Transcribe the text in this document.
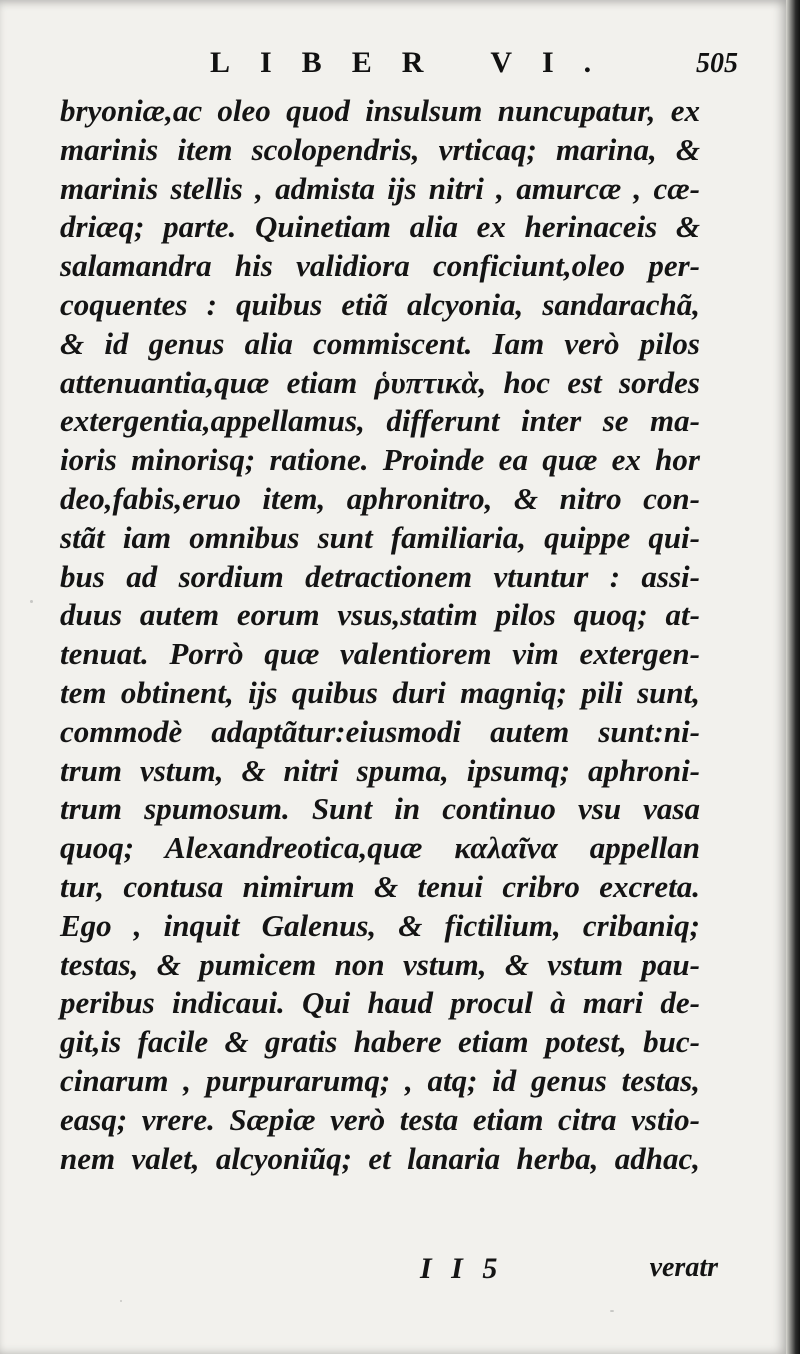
LIBER VI.	505
bryoniæ,ac oleo quod insulsum nuncupatur, ex
marinis item scolopendris, vrticaq; marina, &
marinis stellis , admista ijs nitri , amurcæ , cæ-
driæq; parte. Quinetiam alia ex herinaceis &
salamandra his validiora conficiunt,oleo per-
coquentes : quibus etiã alcyonia, sandarachã,
& id genus alia commiscent. Iam verò pilos
attenuantia,quæ etiam ῥυπτικὰ, hoc est sordes
extergentia,appellamus, differunt inter se ma-
ioris minorisq; ratione. Proinde ea quæ ex hor
deo,fabis,eruo item, aphronitro, & nitro con-
stãt iam omnibus sunt familiaria, quippe qui-
bus ad sordium detractionem vtuntur : assi-
duus autem eorum vsus,statim pilos quoq; at-
tenuat. Porrò quæ valentiorem vim extergen-
tem obtinent, ijs quibus duri magniq; pili sunt,
commodè adaptãtur:eiusmodi autem sunt:ni-
trum vstum, & nitri spuma, ipsumq; aphroni-
trum spumosum. Sunt in continuo vsu vasa
quoq; Alexandreotica,quæ καλαῖνα appellan
tur, contusa nimirum & tenui cribro excreta.
Ego , inquit Galenus, & fictilium, cribaniq;
testas, & pumicem non vstum, & vstum pau-
peribus indicaui. Qui haud procul à mari de-
git,is facile & gratis habere etiam potest, buc-
cinarum , purpurarumq; , atq; id genus testas,
easq; vrere. Sæpiæ verò testa etiam citra vstio-
nem valet, alcyoniũq; et lanaria herba, adhac,
I I 5	veratr
